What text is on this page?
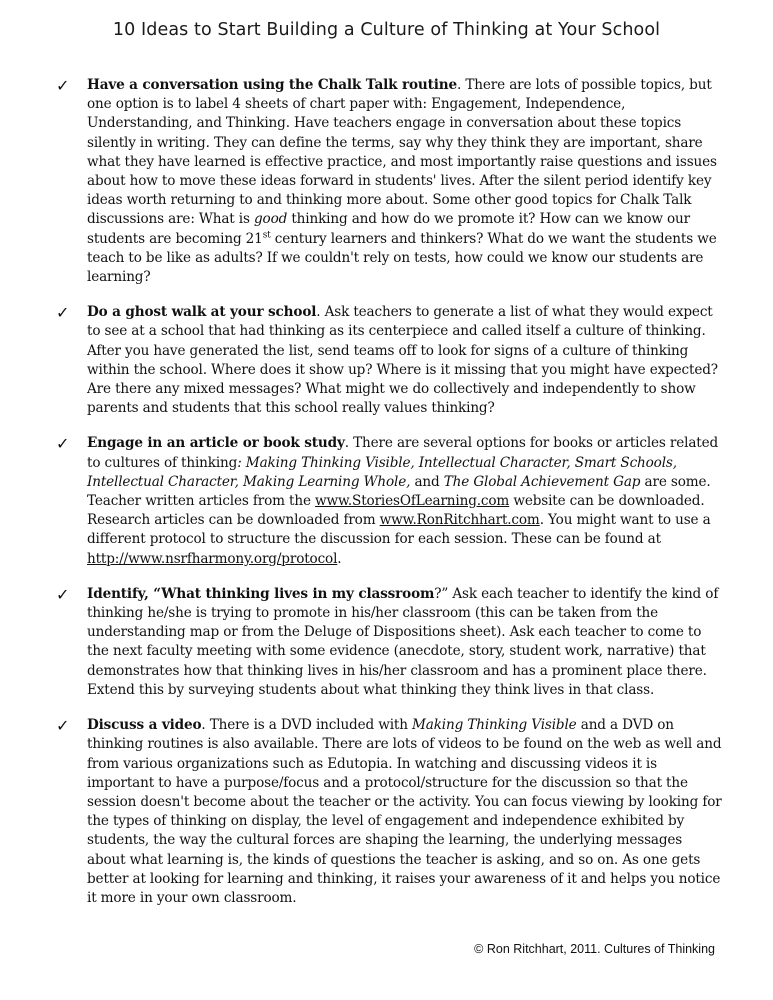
10 Ideas to Start Building a Culture of Thinking at Your School
✓ Have a conversation using the Chalk Talk routine. There are lots of possible topics, but one option is to label 4 sheets of chart paper with: Engagement, Independence, Understanding, and Thinking. Have teachers engage in conversation about these topics silently in writing. They can define the terms, say why they think they are important, share what they have learned is effective practice, and most importantly raise questions and issues about how to move these ideas forward in students' lives. After the silent period identify key ideas worth returning to and thinking more about. Some other good topics for Chalk Talk discussions are: What is good thinking and how do we promote it? How can we know our students are becoming 21st century learners and thinkers? What do we want the students we teach to be like as adults? If we couldn't rely on tests, how could we know our students are learning?
✓ Do a ghost walk at your school. Ask teachers to generate a list of what they would expect to see at a school that had thinking as its centerpiece and called itself a culture of thinking. After you have generated the list, send teams off to look for signs of a culture of thinking within the school. Where does it show up? Where is it missing that you might have expected? Are there any mixed messages? What might we do collectively and independently to show parents and students that this school really values thinking?
✓ Engage in an article or book study. There are several options for books or articles related to cultures of thinking: Making Thinking Visible, Intellectual Character, Smart Schools, Intellectual Character, Making Learning Whole, and The Global Achievement Gap are some. Teacher written articles from the www.StoriesOfLearning.com website can be downloaded. Research articles can be downloaded from www.RonRitchhart.com. You might want to use a different protocol to structure the discussion for each session. These can be found at http://www.nsrfharmony.org/protocol.
✓ Identify, “What thinking lives in my classroom?” Ask each teacher to identify the kind of thinking he/she is trying to promote in his/her classroom (this can be taken from the understanding map or from the Deluge of Dispositions sheet). Ask each teacher to come to the next faculty meeting with some evidence (anecdote, story, student work, narrative) that demonstrates how that thinking lives in his/her classroom and has a prominent place there. Extend this by surveying students about what thinking they think lives in that class.
✓ Discuss a video. There is a DVD included with Making Thinking Visible and a DVD on thinking routines is also available. There are lots of videos to be found on the web as well and from various organizations such as Edutopia. In watching and discussing videos it is important to have a purpose/focus and a protocol/structure for the discussion so that the session doesn't become about the teacher or the activity. You can focus viewing by looking for the types of thinking on display, the level of engagement and independence exhibited by students, the way the cultural forces are shaping the learning, the underlying messages about what learning is, the kinds of questions the teacher is asking, and so on. As one gets better at looking for learning and thinking, it raises your awareness of it and helps you notice it more in your own classroom.
© Ron Ritchhart, 2011. Cultures of Thinking
